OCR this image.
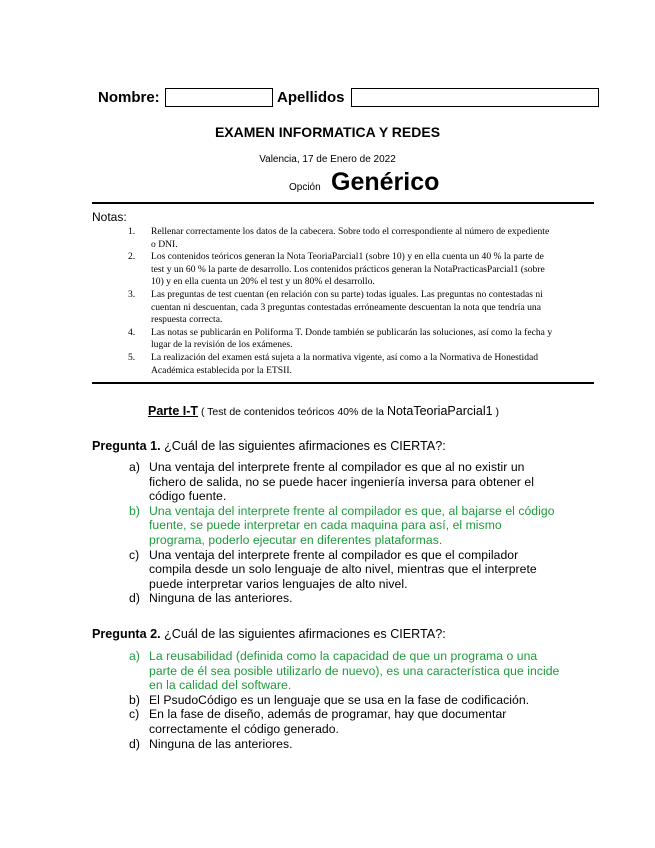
Nombre:	Apellidos
EXAMEN INFORMATICA Y REDES
Valencia, 17 de Enero de 2022
Opción Genérico
Notas:
1. Rellenar correctamente los datos de la cabecera. Sobre todo el correspondiente al número de expediente o DNI.
2. Los contenidos teóricos generan la Nota TeoriaParcial1 (sobre 10) y en ella cuenta un 40 % la parte de test y un 60 % la parte de desarrollo. Los contenidos prácticos generan la NotaPracticasParcial1 (sobre 10) y en ella cuenta un 20% el test y un 80% el desarrollo.
3. Las preguntas de test cuentan (en relación con su parte) todas iguales. Las preguntas no contestadas ni cuentan ni descuentan, cada 3 preguntas contestadas erróneamente descuentan la nota que tendría una respuesta correcta.
4. Las notas se publicarán en Poliforma T. Donde también se publicarán las soluciones, así como la fecha y lugar de la revisión de los exámenes.
5. La realización del examen está sujeta a la normativa vigente, así como a la Normativa de Honestidad Académica establecida por la ETSII.
Parte I-T ( Test de contenidos teóricos 40% de la NotaTeoriaParcial1 )
Pregunta 1. ¿Cuál de las siguientes afirmaciones es CIERTA?:
a) Una ventaja del interprete frente al compilador es que al no existir un fichero de salida, no se puede hacer ingeniería inversa para obtener el código fuente.
b) Una ventaja del interprete frente al compilador es que, al bajarse el código fuente, se puede interpretar en cada maquina para así, el mismo programa, poderlo ejecutar en diferentes plataformas.
c) Una ventaja del interprete frente al compilador es que el compilador compila desde un solo lenguaje de alto nivel, mientras que el interprete puede interpretar varios lenguajes de alto nivel.
d) Ninguna de las anteriores.
Pregunta 2. ¿Cuál de las siguientes afirmaciones es CIERTA?:
a) La reusabilidad (definida como la capacidad de que un programa o una parte de él sea posible utilizarlo de nuevo), es una característica que incide en la calidad del software.
b) El PsudoCódigo es un lenguaje que se usa en la fase de codificación.
c) En la fase de diseño, además de programar, hay que documentar correctamente el código generado.
d) Ninguna de las anteriores.
